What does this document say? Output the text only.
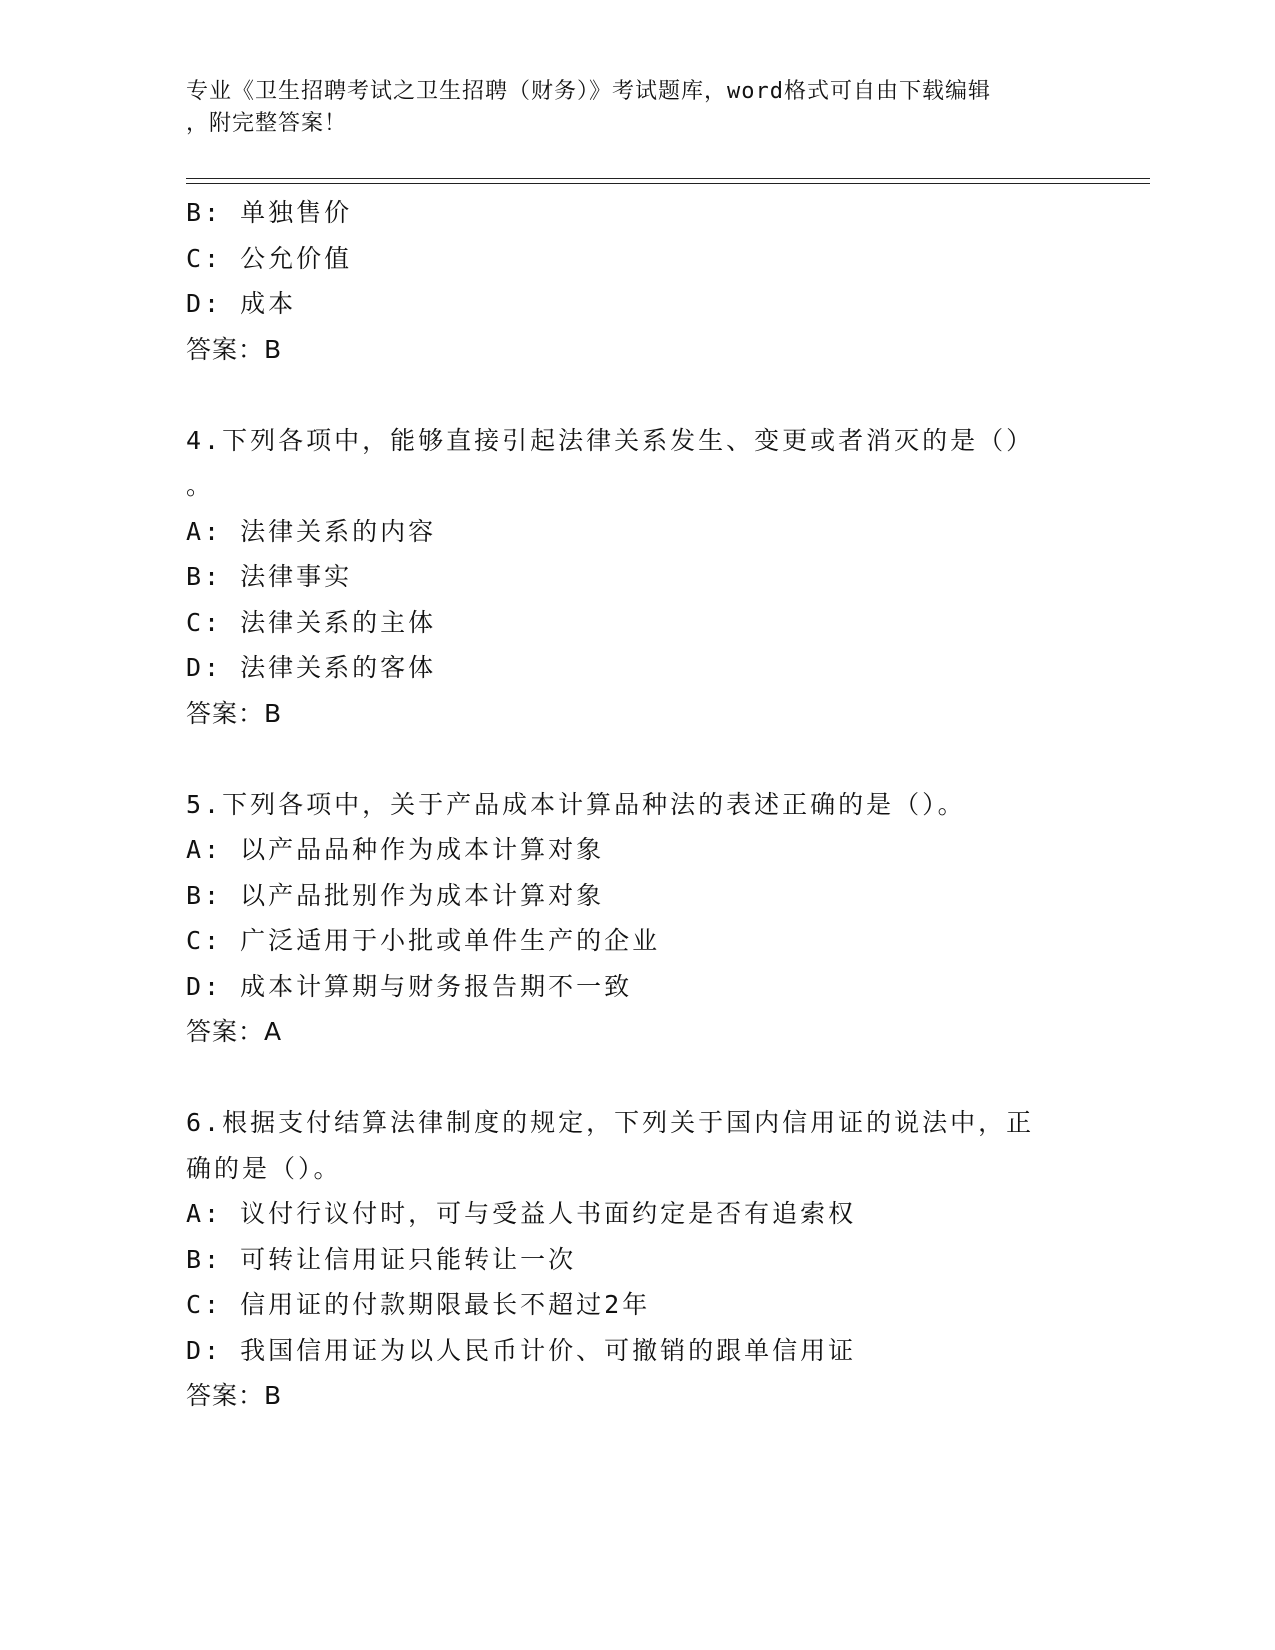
专业《卫生招聘考试之卫生招聘（财务）》考试题库，word格式可自由下载编辑
，附完整答案！
B: 单独售价
C: 公允价值
D: 成本
答案：B
4.下列各项中，能够直接引起法律关系发生、变更或者消灭的是（）
。
A: 法律关系的内容
B: 法律事实
C: 法律关系的主体
D: 法律关系的客体
答案：B
5.下列各项中，关于产品成本计算品种法的表述正确的是（）。
A: 以产品品种作为成本计算对象
B: 以产品批别作为成本计算对象
C: 广泛适用于小批或单件生产的企业
D: 成本计算期与财务报告期不一致
答案：A
6.根据支付结算法律制度的规定，下列关于国内信用证的说法中，正
确的是（）。
A: 议付行议付时，可与受益人书面约定是否有追索权
B: 可转让信用证只能转让一次
C: 信用证的付款期限最长不超过2年
D: 我国信用证为以人民币计价、可撤销的跟单信用证
答案：B
